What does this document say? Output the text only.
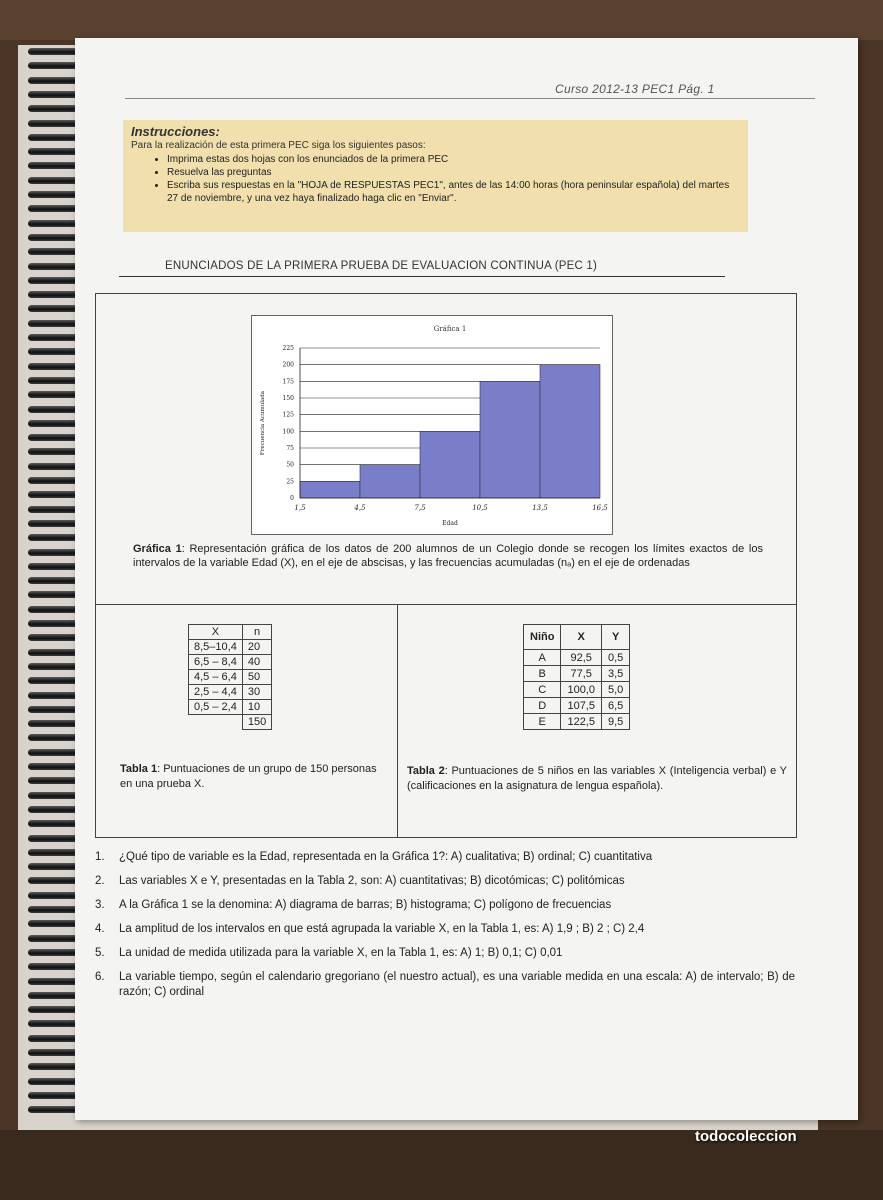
Curso 2012-13 PEC1 Pág. 1
Instrucciones:
Para la realización de esta primera PEC siga los siguientes pasos:
• Imprima estas dos hojas con los enunciados de la primera PEC
• Resuelva las preguntas
• Escriba sus respuestas en la "HOJA de RESPUESTAS PEC1", antes de las 14:00 horas (hora peninsular española) del martes 27 de noviembre, y una vez haya finalizado haga clic en "Enviar".
ENUNCIADOS DE LA PRIMERA PRUEBA DE EVALUACION CONTINUA (PEC 1)
Gráfica 1
0
25
50
75
100
125
150
175
200
225
1,5	4,5	7,5	10,5	13,5	16,5
Edad
Frecuencia Acumulada
Gráfica 1: Representación gráfica de los datos de 200 alumnos de un Colegio donde se recogen los límites exactos de los intervalos de la variable Edad (X), en el eje de abscisas, y las frecuencias acumuladas (nₐ) en el eje de ordenadas
X	n
8,5–10,4	20
6,5 – 8,4	40
4,5 – 6,4	50
2,5 – 4,4	30
0,5 – 2,4	10
	150
Niño	X	Y
A	92,5	0,5
B	77,5	3,5
C	100,0	5,0
D	107,5	6,5
E	122,5	9,5
Tabla 1: Puntuaciones de un grupo de 150 personas en una prueba X.
Tabla 2: Puntuaciones de 5 niños en las variables X (Inteligencia verbal) e Y (calificaciones en la asignatura de lengua española).
1.	¿Qué tipo de variable es la Edad, representada en la Gráfica 1?: A) cualitativa; B) ordinal; C) cuantitativa
2.	Las variables X e Y, presentadas en la Tabla 2, son: A) cuantitativas; B) dicotómicas; C) politómicas
3.	A la Gráfica 1 se la denomina: A) diagrama de barras; B) histograma; C) polígono de frecuencias
4.	La amplitud de los intervalos en que está agrupada la variable X, en la Tabla 1, es: A) 1,9 ; B) 2 ; C) 2,4
5.	La unidad de medida utilizada para la variable X, en la Tabla 1, es: A) 1; B) 0,1; C) 0,01
6.	La variable tiempo, según el calendario gregoriano (el nuestro actual), es una variable medida en una escala: A) de intervalo; B) de razón; C) ordinal
todocoleccion
